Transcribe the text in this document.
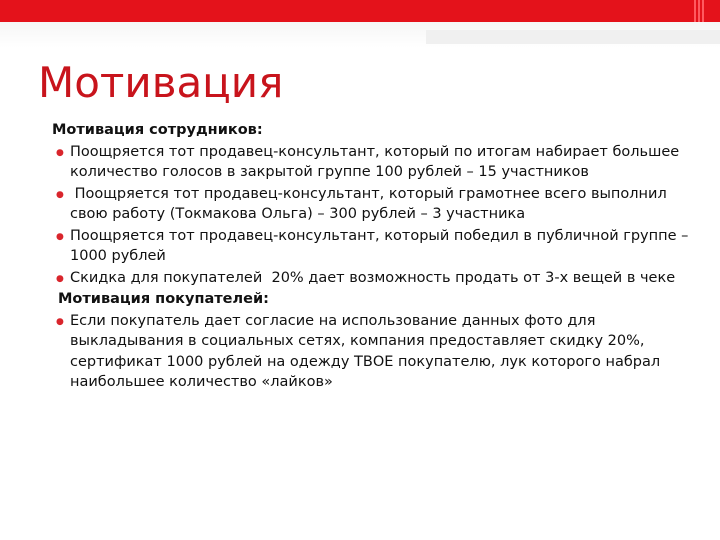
Мотивация
Мотивация сотрудников:
● Поощряется тот продавец-консультант, который по итогам набирает большее количество голосов в закрытой группе 100 рублей – 15 участников
● Поощряется тот продавец-консультант, который грамотнее всего выполнил свою работу (Токмакова Ольга) – 300 рублей – 3 участника
● Поощряется тот продавец-консультант, который победил в публичной группе – 1000 рублей
● Скидка для покупателей  20% дает возможность продать от 3-х вещей в чеке
Мотивация покупателей:
● Если покупатель дает согласие на использование данных фото для выкладывания в социальных сетях, компания предоставляет скидку 20%, сертификат 1000 рублей на одежду ТВОЕ покупателю, лук которого набрал наибольшее количество «лайков»
